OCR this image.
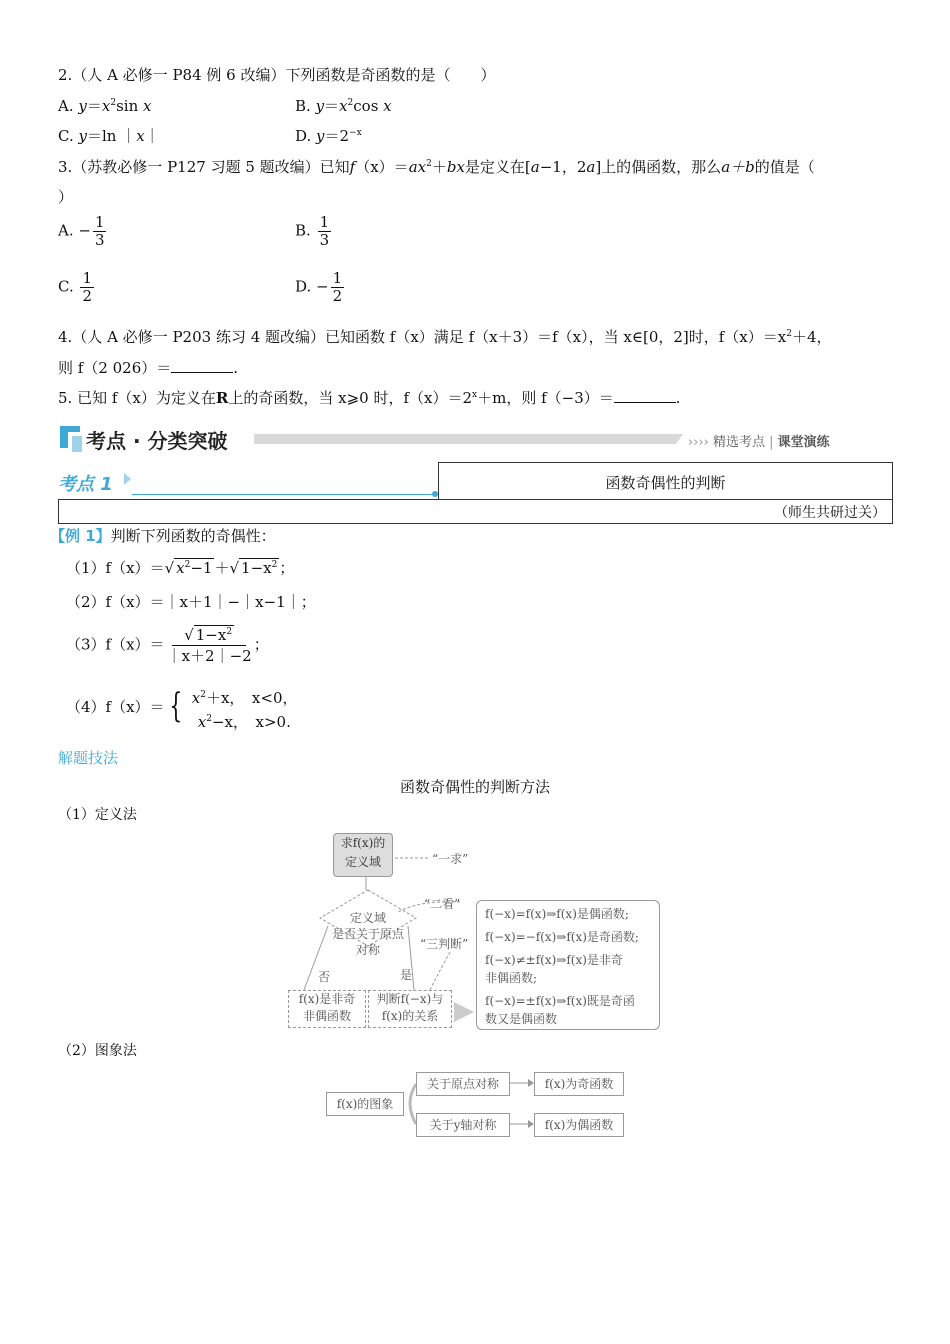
2.（人 A 必修一 P84 例 6 改编）下列函数是奇函数的是（　　）
A. $y=x^2\sin$ x	B. $y=x^2\cos$ x
C. y＝ln ｜x｜	D. $y=2^{-x}$
3.（苏教必修一 P127 习题 5 题改编）已知$f(x)=ax^2+bx$是定义在[a−1，2a]上的偶函数，那么a＋b的值是（
）
A. − $\frac{1}{3}$	B. $\frac{1}{3}$
C. $\frac{1}{2}$	D. − $\frac{1}{2}$
4.（人 A 必修一 P203 练习 4 题改编）已知函数 f（x）满足 f（x＋3）＝f（x），当 x∈[0，2]时，$f(x)=x^2+4$，
则 f（2 026）＝	.
5. 已知 f（x）为定义在R上的奇函数，当 x⩾0 时，$f(x)=2^x+m$，则 f（−3）＝	.
考点 · 分类突破	›››› 精选考点 | 课堂演练
考点 1	函数奇偶性的判断
（师生共研过关）
【例 1】判断下列函数的奇偶性：
（1）f（x）＝√ $x^2-1$ ＋√ $1-x^2$ ；
（2）f（x）＝｜x＋1｜−｜x−1｜；
$(3)f(x)= \frac{√ 1-x^2}{|x+2|-2}$ ；
（4）f（x）＝ { $x^2+x$，　x<0，
$x^2-x$，　x>0.
解题技法
函数奇偶性的判断方法
（1）定义法
求f(x)的
定义域	“一求”
“二看”
定义域
是否关于原点
对称	“三判断”
否	是
f(x)是非奇
非偶函数
判断f(−x)与
f(x)的关系
f(−x)=f(x)⇒f(x)是偶函数;
f(−x)=−f(x)⇒f(x)是奇函数;
f(−x)≠±f(x)⇒f(x)是非奇
非偶函数;
f(−x)=±f(x)⇒f(x)既是奇函
数又是偶函数
（2）图象法
f(x)的图象
关于原点对称	f(x)为奇函数
关于y轴对称	f(x)为偶函数
